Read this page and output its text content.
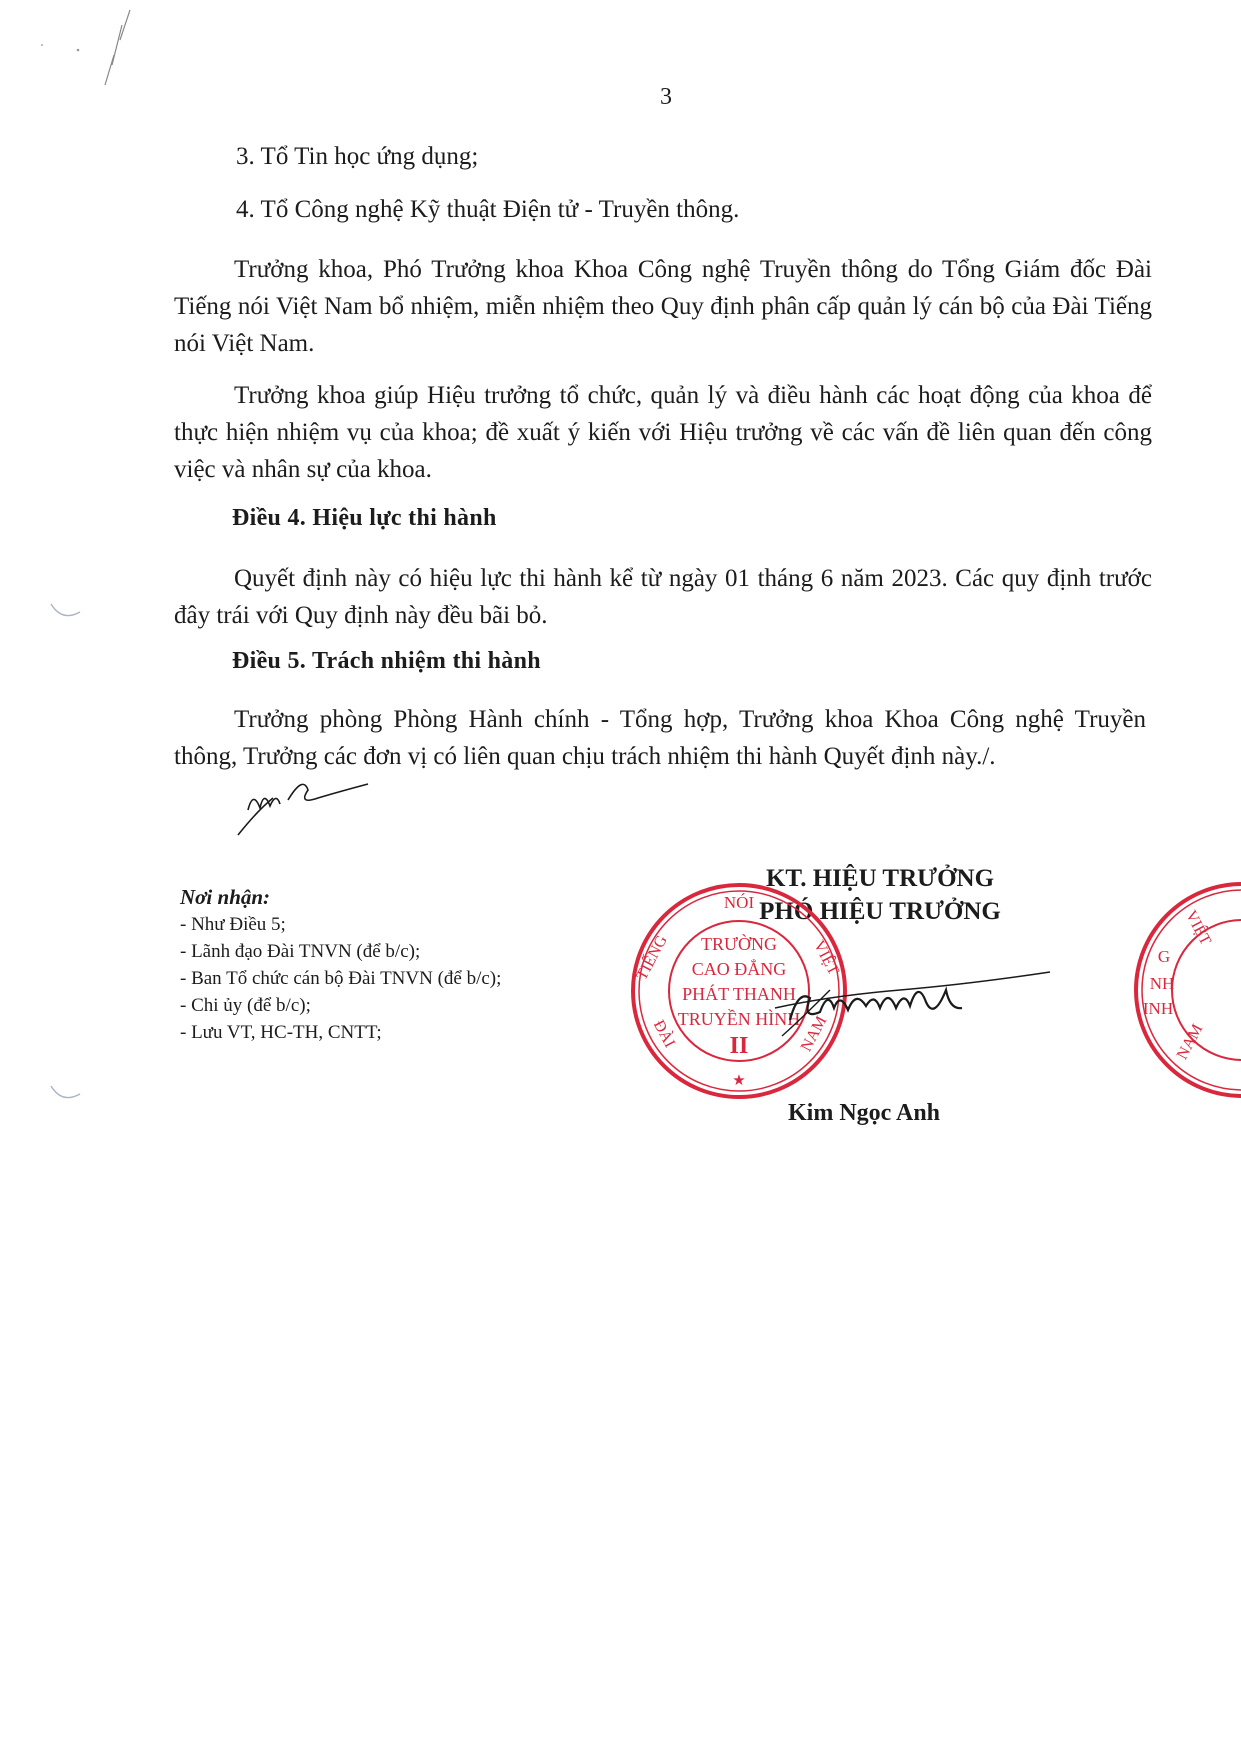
3
3. Tổ Tin học ứng dụng;
4. Tổ Công nghệ Kỹ thuật Điện tử - Truyền thông.
Trưởng khoa, Phó Trưởng khoa Khoa Công nghệ Truyền thông do Tổng Giám đốc Đài Tiếng nói Việt Nam bổ nhiệm, miễn nhiệm theo Quy định phân cấp quản lý cán bộ của Đài Tiếng nói Việt Nam.
Trưởng khoa giúp Hiệu trưởng tổ chức, quản lý và điều hành các hoạt động của khoa để thực hiện nhiệm vụ của khoa; đề xuất ý kiến với Hiệu trưởng về các vấn đề liên quan đến công việc và nhân sự của khoa.
Điều 4. Hiệu lực thi hành
Quyết định này có hiệu lực thi hành kể từ ngày 01 tháng 6 năm 2023. Các quy định trước đây trái với Quy định này đều bãi bỏ.
Điều 5. Trách nhiệm thi hành
Trưởng phòng Phòng Hành chính - Tổng hợp, Trưởng khoa Khoa Công nghệ Truyền thông, Trưởng các đơn vị có liên quan chịu trách nhiệm thi hành Quyết định này./.
Nơi nhận:
- Như Điều 5;
- Lãnh đạo Đài TNVN (để b/c);
- Ban Tổ chức cán bộ Đài TNVN (để b/c);
- Chi ủy (để b/c);
- Lưu VT, HC-TH, CNTT;
KT. HIỆU TRƯỞNG
PHÓ HIỆU TRƯỞNG
NÓI
TIẾNG	VIỆT
ĐÀI	NAM
TRƯỜNG
CAO ĐẲNG
PHÁT THANH
TRUYỀN HÌNH
II
★
VIỆT
NAM
G
NH
INH
Kim Ngọc Anh
